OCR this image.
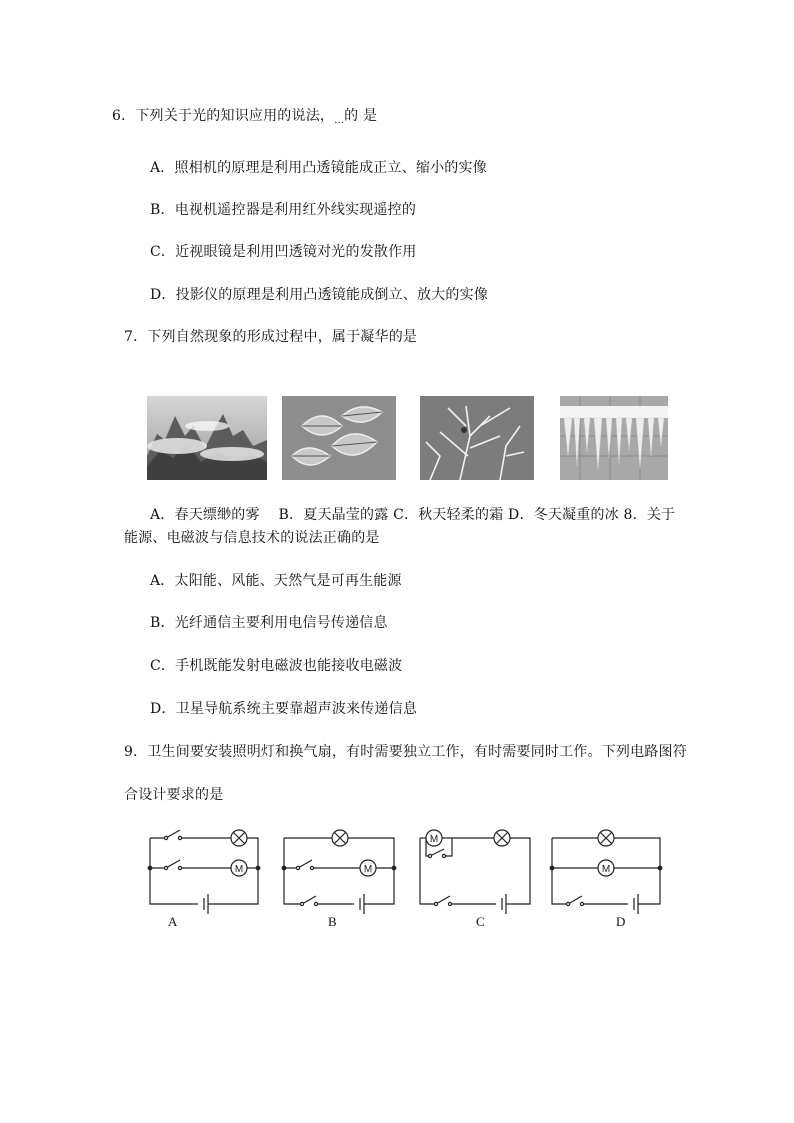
6．下列关于光的知识应用的说法，…的 是
A．照相机的原理是利用凸透镜能成正立、缩小的实像
B．电视机遥控器是利用红外线实现遥控的
C．近视眼镜是利用凹透镜对光的发散作用
D．投影仪的原理是利用凸透镜能成倒立、放大的实像
7．下列自然现象的形成过程中，属于凝华的是
A．春天缥缈的雾　 B．夏天晶莹的露 C．秋天轻柔的霜 D．冬天凝重的冰 8．关于
能源、电磁波与信息技术的说法正确的是
A．太阳能、风能、天然气是可再生能源
B．光纤通信主要利用电信号传递信息
C．手机既能发射电磁波也能接收电磁波
D．卫星导航系统主要靠超声波来传递信息
9．卫生间要安装照明灯和换气扇，有时需要独立工作，有时需要同时工作。下列电路图符
合设计要求的是
M	M
M
M
A	B	C	D
